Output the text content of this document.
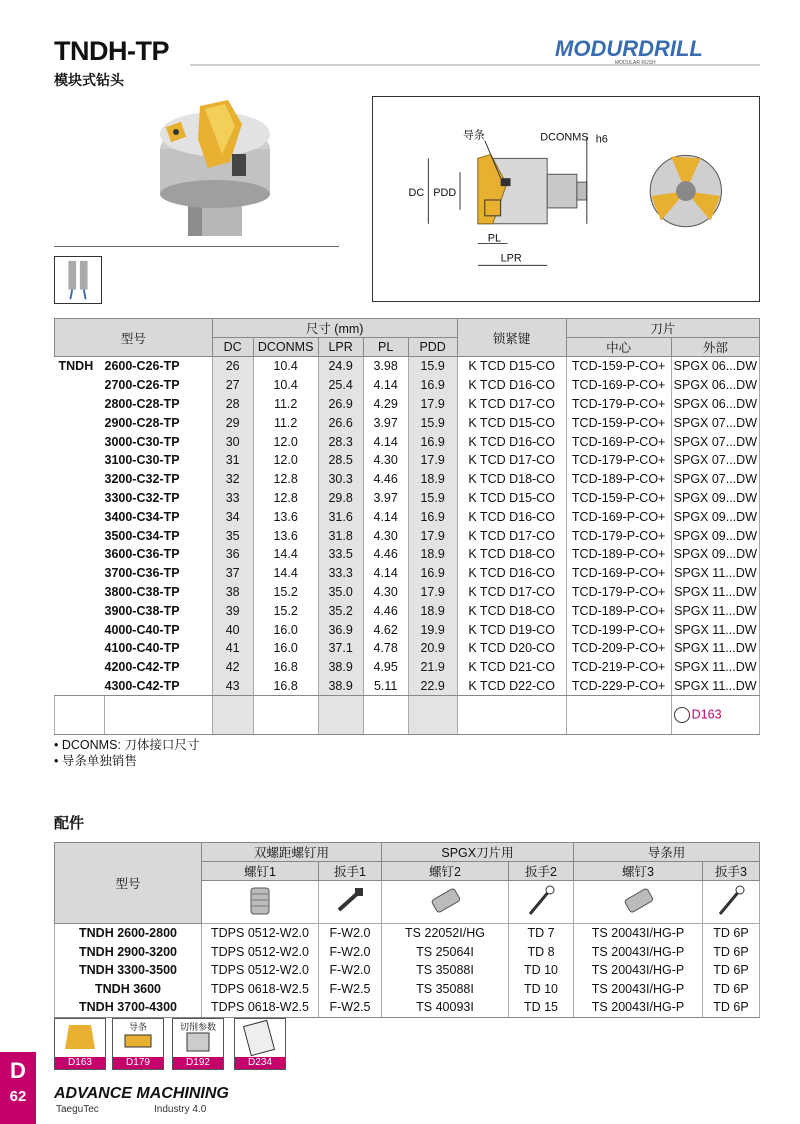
TNDH-TP
模块式钻头
MODURDRILL
MODULAR RUSH
导条	DCONMS h6
DC PDD
PL
LPR
型号		尺寸 (mm)					锁紧键	刀片	
		DC	DCONMS	LPR	PL	PDD		中心	外部
TNDH	2600-C26-TP	26	10.4	24.9	3.98	15.9	K TCD D15-CO	TCD-159-P-CO+	SPGX 06...DW
	2700-C26-TP	27	10.4	25.4	4.14	16.9	K TCD D16-CO	TCD-169-P-CO+	SPGX 06...DW
	2800-C28-TP	28	11.2	26.9	4.29	17.9	K TCD D17-CO	TCD-179-P-CO+	SPGX 06...DW
	2900-C28-TP	29	11.2	26.6	3.97	15.9	K TCD D15-CO	TCD-159-P-CO+	SPGX 07...DW
	3000-C30-TP	30	12.0	28.3	4.14	16.9	K TCD D16-CO	TCD-169-P-CO+	SPGX 07...DW
	3100-C30-TP	31	12.0	28.5	4.30	17.9	K TCD D17-CO	TCD-179-P-CO+	SPGX 07...DW
	3200-C32-TP	32	12.8	30.3	4.46	18.9	K TCD D18-CO	TCD-189-P-CO+	SPGX 07...DW
	3300-C32-TP	33	12.8	29.8	3.97	15.9	K TCD D15-CO	TCD-159-P-CO+	SPGX 09...DW
	3400-C34-TP	34	13.6	31.6	4.14	16.9	K TCD D16-CO	TCD-169-P-CO+	SPGX 09...DW
	3500-C34-TP	35	13.6	31.8	4.30	17.9	K TCD D17-CO	TCD-179-P-CO+	SPGX 09...DW
	3600-C36-TP	36	14.4	33.5	4.46	18.9	K TCD D18-CO	TCD-189-P-CO+	SPGX 09...DW
	3700-C36-TP	37	14.4	33.3	4.14	16.9	K TCD D16-CO	TCD-169-P-CO+	SPGX 11...DW
	3800-C38-TP	38	15.2	35.0	4.30	17.9	K TCD D17-CO	TCD-179-P-CO+	SPGX 11...DW
	3900-C38-TP	39	15.2	35.2	4.46	18.9	K TCD D18-CO	TCD-189-P-CO+	SPGX 11...DW
	4000-C40-TP	40	16.0	36.9	4.62	19.9	K TCD D19-CO	TCD-199-P-CO+	SPGX 11...DW
	4100-C40-TP	41	16.0	37.1	4.78	20.9	K TCD D20-CO	TCD-209-P-CO+	SPGX 11...DW
	4200-C42-TP	42	16.8	38.9	4.95	21.9	K TCD D21-CO	TCD-219-P-CO+	SPGX 11...DW
	4300-C42-TP	43	16.8	38.9	5.11	22.9	K TCD D22-CO	TCD-229-P-CO+	SPGX 11...DW
									D163
• DCONMS: 刀体接口尺寸
• 导条单独销售
配件
型号	双螺距螺钉用		SPGX刀片用		导条用	
	螺钉1	扳手1	螺钉2	扳手2	螺钉3	扳手3

TNDH 2600-2800	TDPS 0512-W2.0	F-W2.0	TS 22052I/HG	TD 7	TS 20043I/HG-P	TD 6P
TNDH 2900-3200	TDPS 0512-W2.0	F-W2.0	TS 25064I	TD 8	TS 20043I/HG-P	TD 6P
TNDH 3300-3500	TDPS 0512-W2.0	F-W2.0	TS 35088I	TD 10	TS 20043I/HG-P	TD 6P
TNDH 3600	TDPS 0618-W2.5	F-W2.5	TS 35088I	TD 10	TS 20043I/HG-P	TD 6P
TNDH 3700-4300	TDPS 0618-W2.5	F-W2.5	TS 40093I	TD 15	TS 20043I/HG-P	TD 6P
D163
导条
D179
切削参数
D192	D234
D
62	ADVANCE MACHINING
TaeguTec	Industry 4.0
